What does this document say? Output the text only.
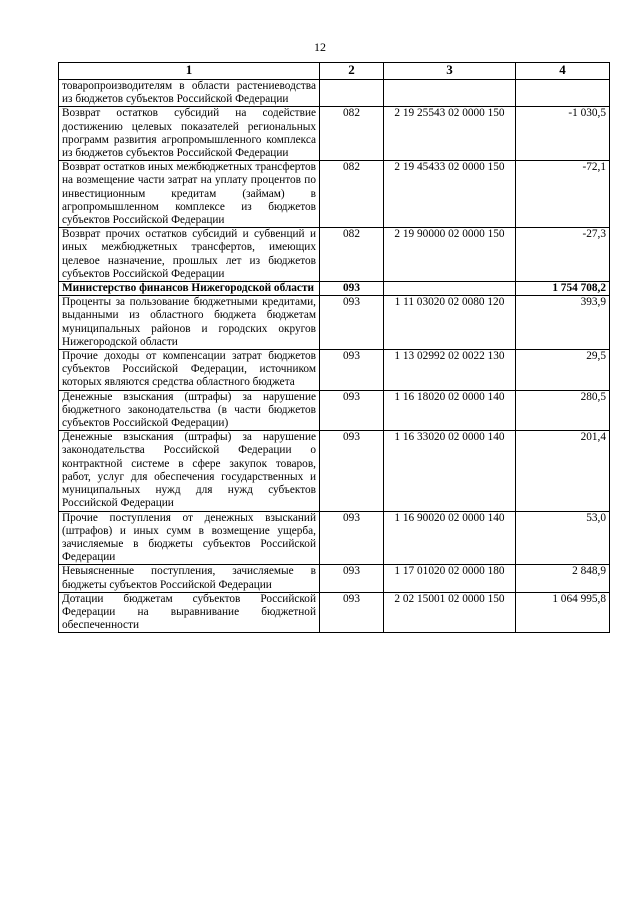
12
1	2	3	4
товаропроизводителям в области растениеводства из бюджетов субъектов Российской Федерации			
Возврат остатков субсидий на содействие достижению целевых показателей региональных программ развития агропромышленного комплекса из бюджетов субъектов Российской Федерации	082	2 19 25543 02 0000 150	-1 030,5
Возврат остатков иных межбюджетных трансфертов на возмещение части затрат на уплату процентов по инвестиционным кредитам (займам) в агропромышленном комплексе из бюджетов субъектов Российской Федерации	082	2 19 45433 02 0000 150	-72,1
Возврат прочих остатков субсидий и субвенций и иных межбюджетных трансфертов, имеющих целевое назначение, прошлых лет из бюджетов субъектов Российской Федерации	082	2 19 90000 02 0000 150	-27,3
Министерство финансов Нижегородской области	093		1 754 708,2
Проценты за пользование бюджетными кредитами, выданными из областного бюджета бюджетам муниципальных районов и городских округов Нижегородской области	093	1 11 03020 02 0080 120	393,9
Прочие доходы от компенсации затрат бюджетов субъектов Российской Федерации, источником которых являются средства областного бюджета	093	1 13 02992 02 0022 130	29,5
Денежные взыскания (штрафы) за нарушение бюджетного законодательства (в части бюджетов субъектов Российской Федерации)	093	1 16 18020 02 0000 140	280,5
Денежные взыскания (штрафы) за нарушение законодательства Российской Федерации о контрактной системе в сфере закупок товаров, работ, услуг для обеспечения государственных и муниципальных нужд для нужд субъектов Российской Федерации	093	1 16 33020 02 0000 140	201,4
Прочие поступления от денежных взысканий (штрафов) и иных сумм в возмещение ущерба, зачисляемые в бюджеты субъектов Российской Федерации	093	1 16 90020 02 0000 140	53,0
Невыясненные поступления, зачисляемые в бюджеты субъектов Российской Федерации	093	1 17 01020 02 0000 180	2 848,9
Дотации бюджетам субъектов Российской Федерации на выравнивание бюджетной обеспеченности	093	2 02 15001 02 0000 150	1 064 995,8
